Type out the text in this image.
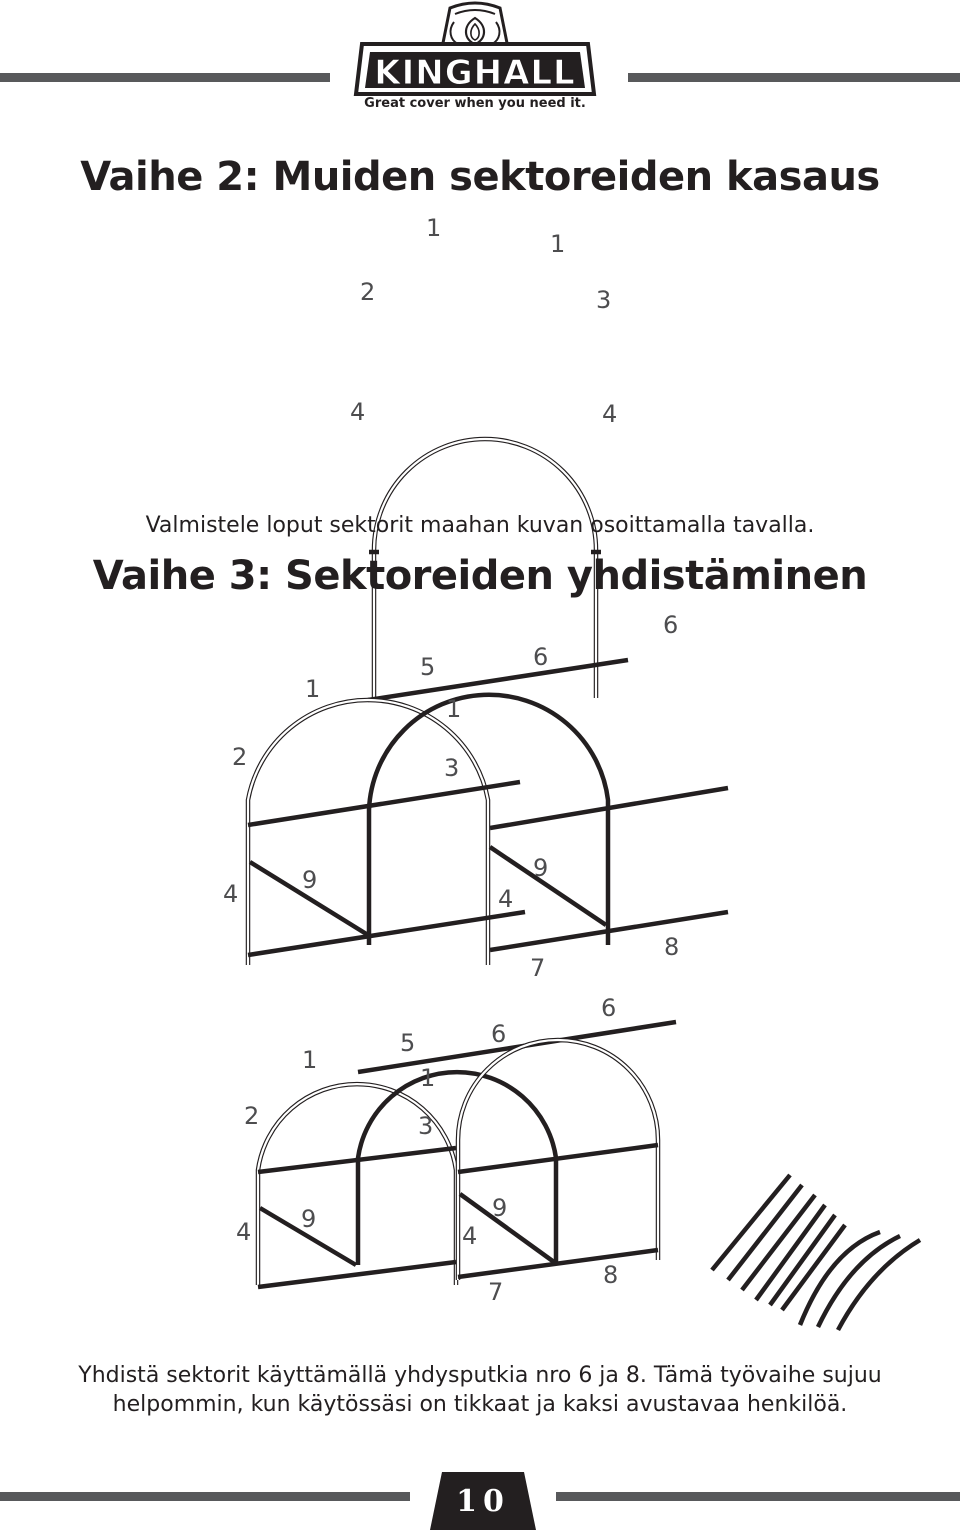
KINGHALL
Great cover when you need it.
Vaihe 2: Muiden sektoreiden kasaus
1
1
2	3
4	4
Valmistele loput sektorit maahan kuvan osoittamalla tavalla.
Vaihe 3: Sektoreiden yhdistäminen
1
5	6
6
1
2	3
4	9
4
9
7
8
1
5	6
6
1
2	3
4 9
4
9
7
8
Yhdistä sektorit käyttämällä yhdysputkia nro 6 ja 8. Tämä työvaihe sujuu
helpommin, kun käytössäsi on tikkaat ja kaksi avustavaa henkilöä.
10
